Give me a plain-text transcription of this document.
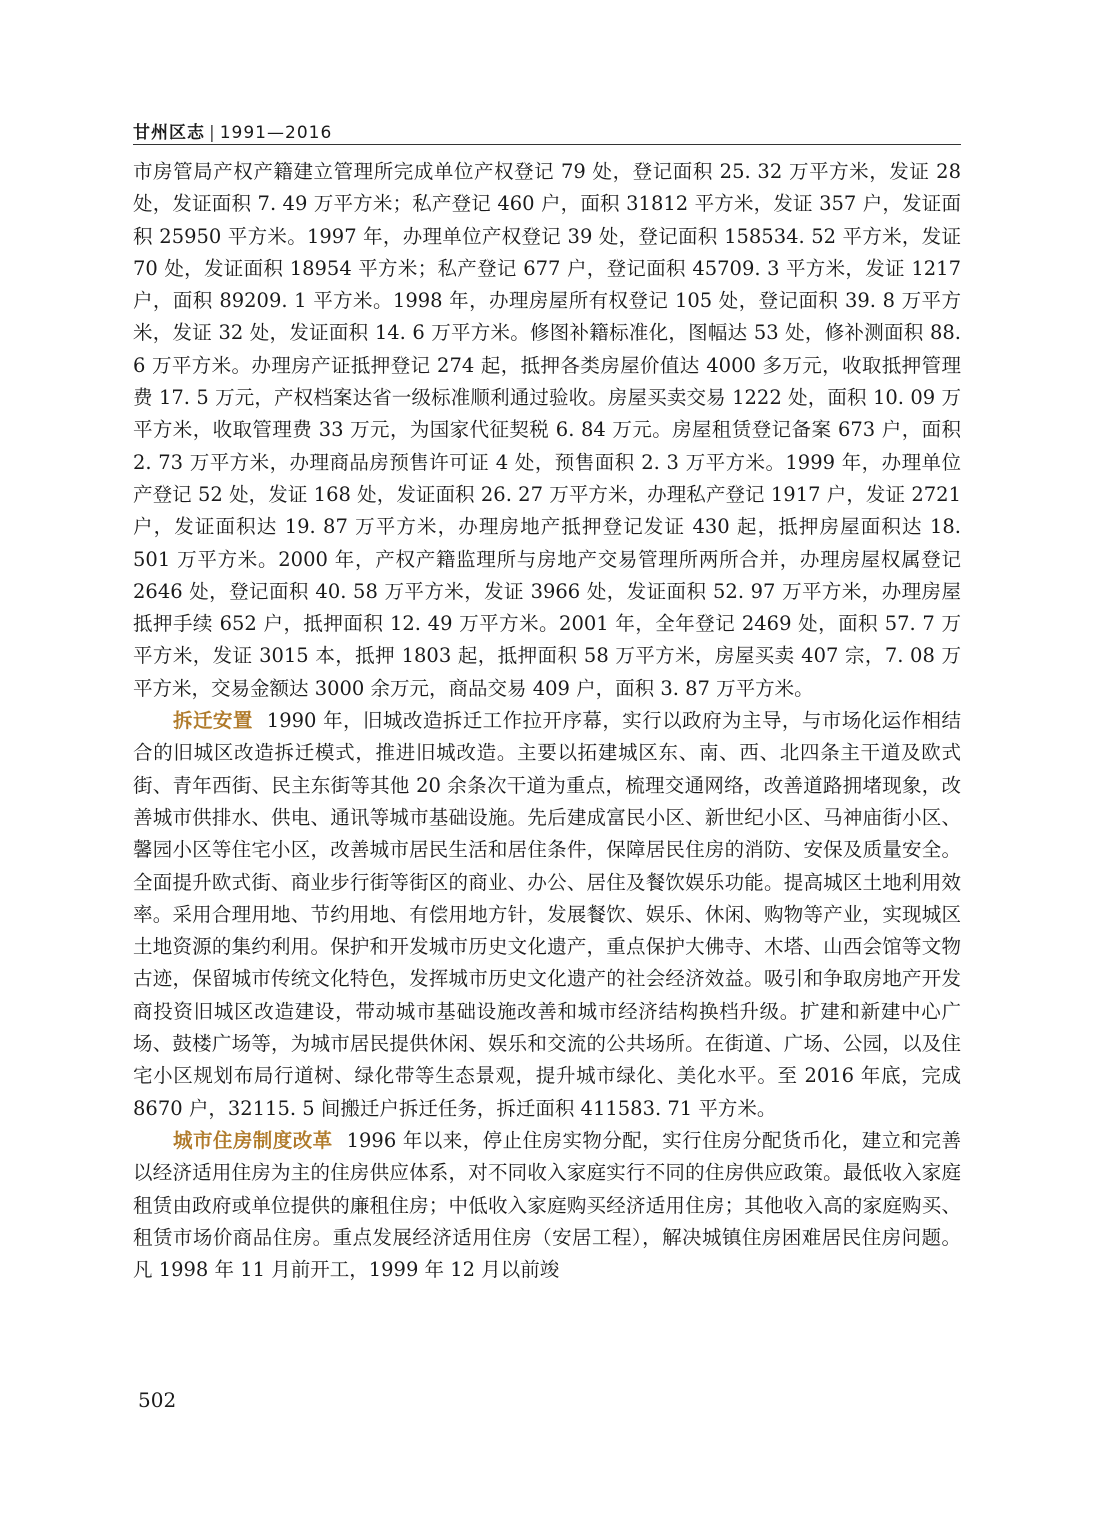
甘州区志 | 1991—2016

市房管局产权产籍建立管理所完成单位产权登记 79 处，登记面积 25. 32 万平方米，发证 28 处，发证面积 7. 49 万平方米；私产登记 460 户，面积 31812 平方米，发证 357 户，发证面积 25950 平方米。1997 年，办理单位产权登记 39 处，登记面积 158534. 52 平方米，发证 70 处，发证面积 18954 平方米；私产登记 677 户，登记面积 45709. 3 平方米，发证 1217 户，面积 89209. 1 平方米。1998 年，办理房屋所有权登记 105 处，登记面积 39. 8 万平方米，发证 32 处，发证面积 14. 6 万平方米。修图补籍标准化，图幅达 53 处，修补测面积 88. 6 万平方米。办理房产证抵押登记 274 起，抵押各类房屋价值达 4000 多万元，收取抵押管理费 17. 5 万元，产权档案达省一级标准顺利通过验收。房屋买卖交易 1222 处，面积 10. 09 万平方米，收取管理费 33 万元，为国家代征契税 6. 84 万元。房屋租赁登记备案 673 户，面积 2. 73 万平方米，办理商品房预售许可证 4 处，预售面积 2. 3 万平方米。1999 年，办理单位产登记 52 处，发证 168 处，发证面积 26. 27 万平方米，办理私产登记 1917 户，发证 2721 户，发证面积达 19. 87 万平方米，办理房地产抵押登记发证 430 起，抵押房屋面积达 18. 501 万平方米。2000 年，产权产籍监理所与房地产交易管理所两所合并，办理房屋权属登记 2646 处，登记面积 40. 58 万平方米，发证 3966 处，发证面积 52. 97 万平方米，办理房屋抵押手续 652 户，抵押面积 12. 49 万平方米。2001 年，全年登记 2469 处，面积 57. 7 万平方米，发证 3015 本，抵押 1803 起，抵押面积 58 万平方米，房屋买卖 407 宗，7. 08 万平方米，交易金额达 3000 余万元，商品交易 409 户，面积 3. 87 万平方米。

拆迁安置 1990 年，旧城改造拆迁工作拉开序幕，实行以政府为主导，与市场化运作相结合的旧城区改造拆迁模式，推进旧城改造。主要以拓建城区东、南、西、北四条主干道及欧式街、青年西街、民主东街等其他 20 余条次干道为重点，梳理交通网络，改善道路拥堵现象，改善城市供排水、供电、通讯等城市基础设施。先后建成富民小区、新世纪小区、马神庙街小区、馨园小区等住宅小区，改善城市居民生活和居住条件，保障居民住房的消防、安保及质量安全。全面提升欧式街、商业步行街等街区的商业、办公、居住及餐饮娱乐功能。提高城区土地利用效率。采用合理用地、节约用地、有偿用地方针，发展餐饮、娱乐、休闲、购物等产业，实现城区土地资源的集约利用。保护和开发城市历史文化遗产，重点保护大佛寺、木塔、山西会馆等文物古迹，保留城市传统文化特色，发挥城市历史文化遗产的社会经济效益。吸引和争取房地产开发商投资旧城区改造建设，带动城市基础设施改善和城市经济结构换档升级。扩建和新建中心广场、鼓楼广场等，为城市居民提供休闲、娱乐和交流的公共场所。在街道、广场、公园，以及住宅小区规划布局行道树、绿化带等生态景观，提升城市绿化、美化水平。至 2016 年底，完成 8670 户，32115. 5 间搬迁户拆迁任务，拆迁面积 411583. 71 平方米。

城市住房制度改革 1996 年以来，停止住房实物分配，实行住房分配货币化，建立和完善以经济适用住房为主的住房供应体系，对不同收入家庭实行不同的住房供应政策。最低收入家庭租赁由政府或单位提供的廉租住房；中低收入家庭购买经济适用住房；其他收入高的家庭购买、租赁市场价商品住房。重点发展经济适用住房（安居工程），解决城镇住房困难居民住房问题。凡 1998 年 11 月前开工，1999 年 12 月以前竣

502
